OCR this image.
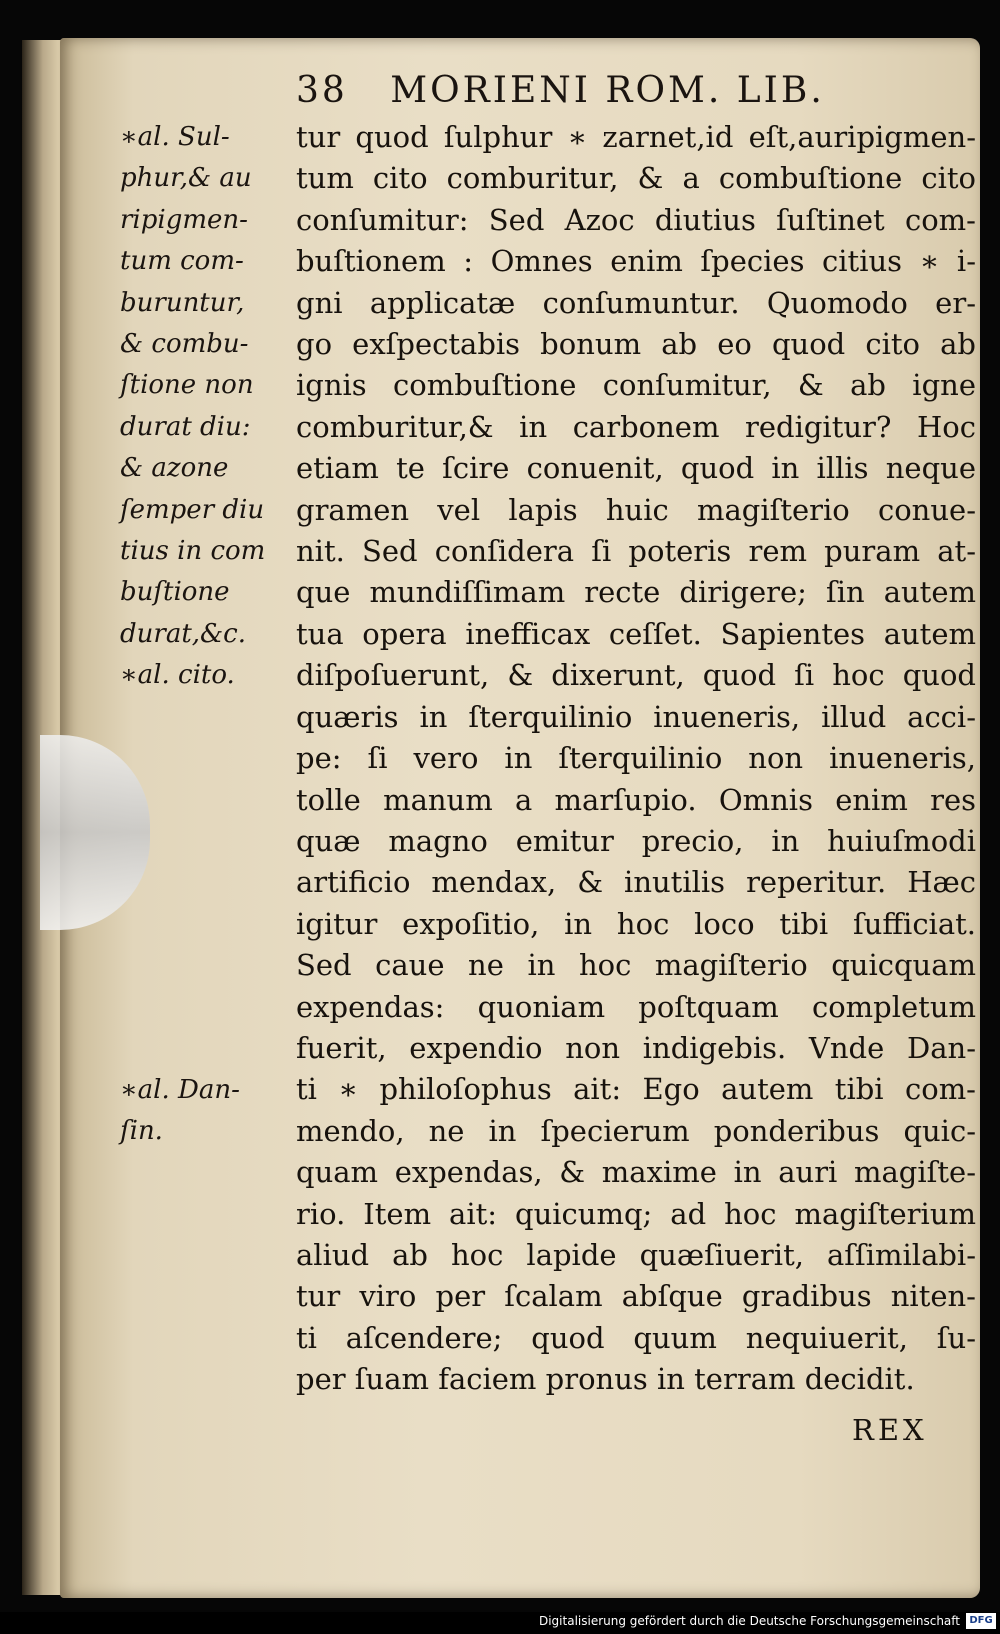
38 MORIENI ROM. LIB.
∗al. Sul-
phur,& au
ripigmen-
tum com-
buruntur,
& combu-
ſtione non
durat diu:
& azone
ſemper diu
tius in com
buſtione
durat,&c.
∗al. cito.
∗al. Dan-
ſin.
tur quod ſulphur ∗ zarnet,id eſt,auripigmen-
tum cito comburitur, & a combuſtione cito
conſumitur: Sed Azoc diutius ſuſtinet com-
buſtionem : Omnes enim ſpecies citius ∗ i-
gni applicatæ conſumuntur. Quomodo er-
go exſpectabis bonum ab eo quod cito ab
ignis combuſtione conſumitur, & ab igne
comburitur,& in carbonem redigitur? Hoc
etiam te ſcire conuenit, quod in illis neque
gramen vel lapis huic magiſterio conue-
nit. Sed conſidera ſi poteris rem puram at-
que mundiſſimam recte dirigere; ſin autem
tua opera inefficax ceſſet. Sapientes autem
diſpoſuerunt, & dixerunt, quod ſi hoc quod
quæris in ſterquilinio inueneris, illud acci-
pe: ſi vero in ſterquilinio non inueneris,
tolle manum a marſupio. Omnis enim res
quæ magno emitur precio, in huiuſmodi
artificio mendax, & inutilis reperitur. Hæc
igitur expoſitio, in hoc loco tibi ſufficiat.
Sed caue ne in hoc magiſterio quicquam
expendas: quoniam poſtquam completum
fuerit, expendio non indigebis. Vnde Dan-
ti ∗ philoſophus ait: Ego autem tibi com-
mendo, ne in ſpecierum ponderibus quic-
quam expendas, & maxime in auri magiſte-
rio. Item ait: quicumq; ad hoc magiſterium
aliud ab hoc lapide quæſiuerit, aſſimilabi-
tur viro per ſcalam abſque gradibus niten-
ti aſcendere; quod quum nequiuerit, ſu-
per ſuam faciem pronus in terram decidit.
REX
Digitalisierung gefördert durch die Deutsche Forschungsgemeinschaft DFG
